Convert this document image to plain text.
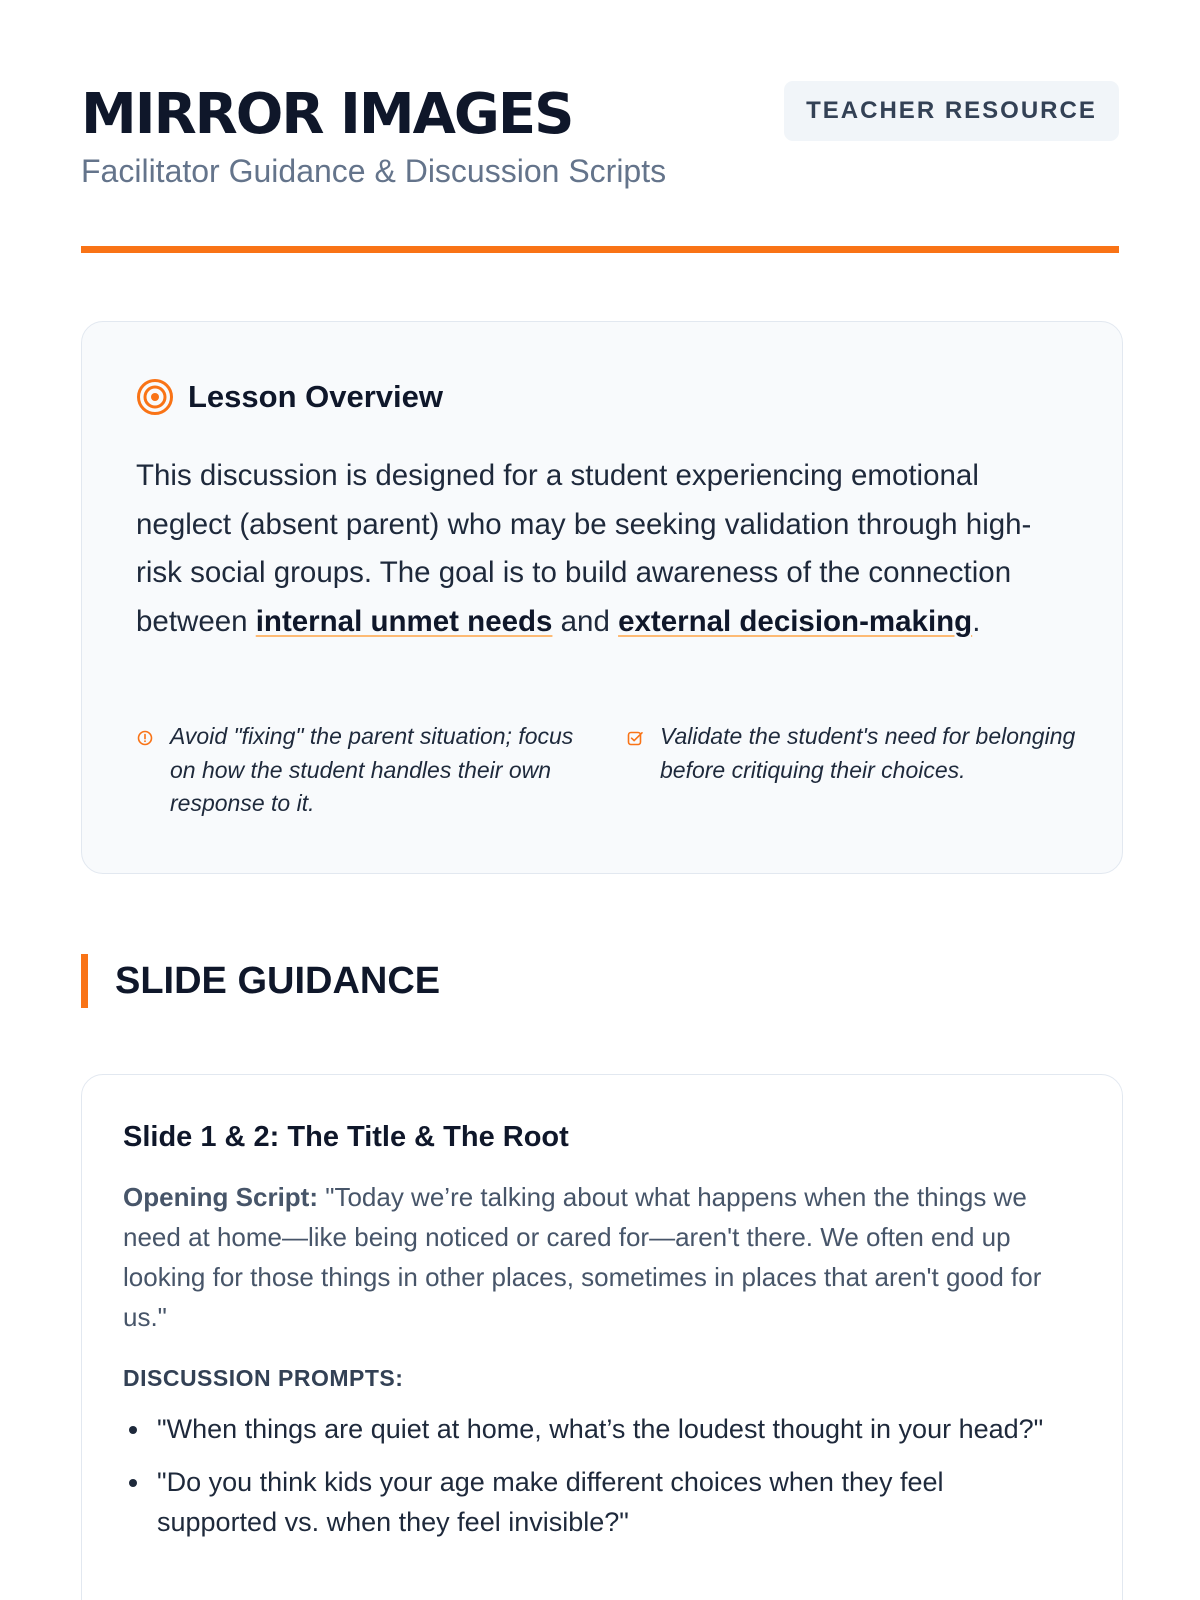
MIRROR IMAGES
Facilitator Guidance & Discussion Scripts
TEACHER RESOURCE
Lesson Overview

This discussion is designed for a student experiencing emotional neglect (absent parent) who may be seeking validation through high-risk social groups. The goal is to build awareness of the connection between internal unmet needs and external decision-making.

Avoid "fixing" the parent situation; focus on how the student handles their own response to it.
Validate the student's need for belonging before critiquing their choices.
SLIDE GUIDANCE
Slide 1 & 2: The Title & The Root

Opening Script: "Today we’re talking about what happens when the things we need at home—like being noticed or cared for—aren't there. We often end up looking for those things in other places, sometimes in places that aren't good for us."

DISCUSSION PROMPTS:
"When things are quiet at home, what’s the loudest thought in your head?"
"Do you think kids your age make different choices when they feel supported vs. when they feel invisible?"
